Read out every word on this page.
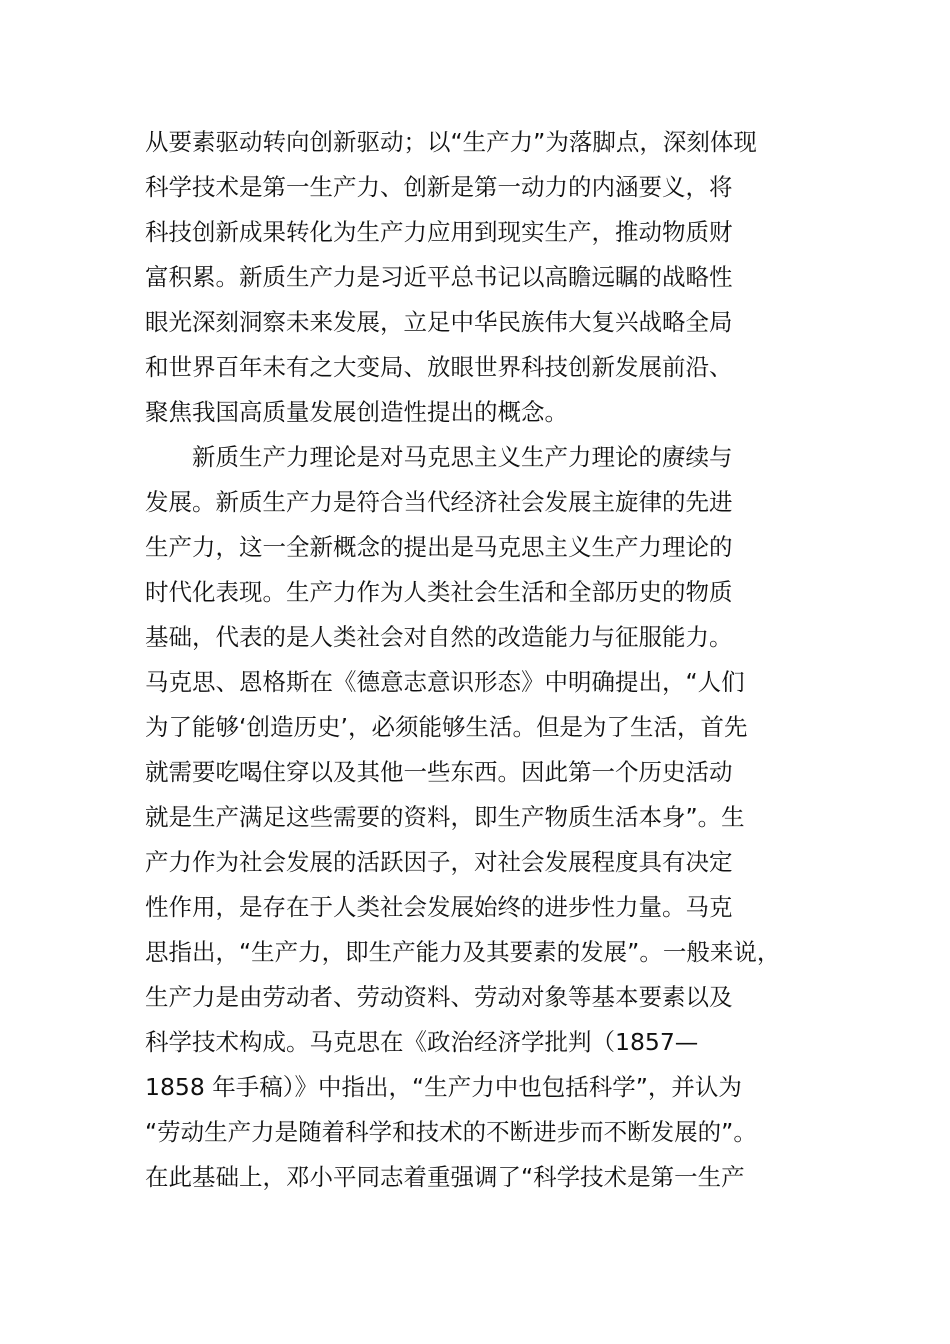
从要素驱动转向创新驱动；以“生产力”为落脚点，深刻体现
科学技术是第一生产力、创新是第一动力的内涵要义，将
科技创新成果转化为生产力应用到现实生产，推动物质财
富积累。新质生产力是习近平总书记以高瞻远瞩的战略性
眼光深刻洞察未来发展，立足中华民族伟大复兴战略全局
和世界百年未有之大变局、放眼世界科技创新发展前沿、
聚焦我国高质量发展创造性提出的概念。
新质生产力理论是对马克思主义生产力理论的赓续与
发展。新质生产力是符合当代经济社会发展主旋律的先进
生产力，这一全新概念的提出是马克思主义生产力理论的
时代化表现。生产力作为人类社会生活和全部历史的物质
基础，代表的是人类社会对自然的改造能力与征服能力。
马克思、恩格斯在《德意志意识形态》中明确提出，“人们
为了能够‘创造历史’，必须能够生活。但是为了生活，首先
就需要吃喝住穿以及其他一些东西。因此第一个历史活动
就是生产满足这些需要的资料，即生产物质生活本身”。生
产力作为社会发展的活跃因子，对社会发展程度具有决定
性作用，是存在于人类社会发展始终的进步性力量。马克
思指出，“生产力，即生产能力及其要素的发展”。一般来说，
生产力是由劳动者、劳动资料、劳动对象等基本要素以及
科学技术构成。马克思在《政治经济学批判（1857—
1858 年手稿）》中指出，“生产力中也包括科学”，并认为
“劳动生产力是随着科学和技术的不断进步而不断发展的”。
在此基础上，邓小平同志着重强调了“科学技术是第一生产
